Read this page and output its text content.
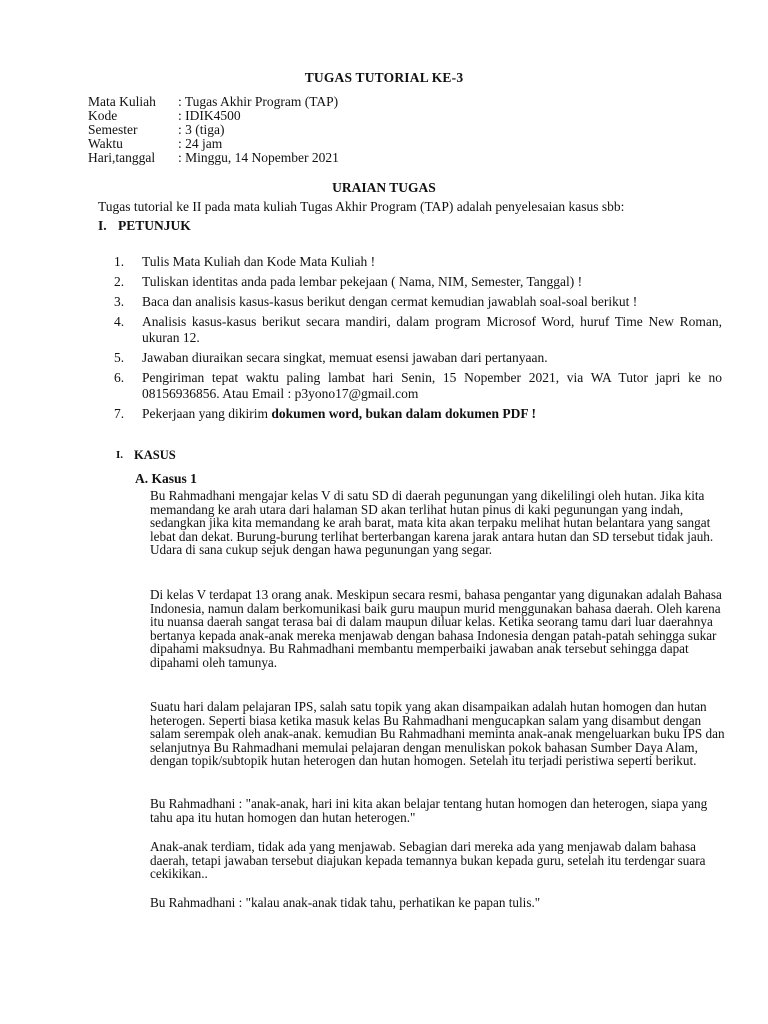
TUGAS TUTORIAL KE-3
Mata Kuliah	: Tugas Akhir Program (TAP)
Kode	: IDIK4500
Semester	: 3 (tiga)
Waktu	: 24 jam
Hari,tanggal	: Minggu, 14 Nopember 2021
URAIAN TUGAS
Tugas tutorial ke II pada mata kuliah Tugas Akhir Program (TAP) adalah penyelesaian kasus sbb:
I. PETUNJUK
1.	Tulis Mata Kuliah dan Kode Mata Kuliah !
2.	Tuliskan identitas anda pada lembar pekejaan ( Nama, NIM, Semester, Tanggal) !
3.	Baca dan analisis kasus-kasus berikut dengan cermat kemudian jawablah soal-soal berikut !
4.	Analisis kasus-kasus berikut secara mandiri, dalam program Microsof Word, huruf Time New Roman, ukuran 12.
5.	Jawaban diuraikan secara singkat, memuat esensi jawaban dari pertanyaan.
6.	Pengiriman tepat waktu paling lambat hari Senin, 15 Nopember 2021, via WA Tutor japri ke no 08156936856. Atau Email : p3yono17@gmail.com
7.	Pekerjaan yang dikirim dokumen word, bukan dalam dokumen PDF !
I. KASUS
A. Kasus 1

Bu Rahmadhani mengajar kelas V di satu SD di daerah pegunungan yang dikelilingi oleh hutan. Jika kita memandang ke arah utara dari halaman SD akan terlihat hutan pinus di kaki pegunungan yang indah, sedangkan jika kita memandang ke arah barat, mata kita akan terpaku melihat hutan belantara yang sangat lebat dan dekat. Burung-burung terlihat berterbangan karena jarak antara hutan dan SD tersebut tidak jauh. Udara di sana cukup sejuk dengan hawa pegunungan yang segar.

Di kelas V terdapat 13 orang anak. Meskipun secara resmi, bahasa pengantar yang digunakan adalah Bahasa Indonesia, namun dalam berkomunikasi baik guru maupun murid menggunakan bahasa daerah. Oleh karena itu nuansa daerah sangat terasa bai di dalam maupun diluar kelas. Ketika seorang tamu dari luar daerahnya bertanya kepada anak-anak mereka menjawab dengan bahasa Indonesia dengan patah-patah sehingga sukar dipahami maksudnya. Bu Rahmadhani membantu memperbaiki jawaban anak tersebut sehingga dapat dipahami oleh tamunya.

Suatu hari dalam pelajaran IPS, salah satu topik yang akan disampaikan adalah hutan homogen dan hutan heterogen. Seperti biasa ketika masuk kelas Bu Rahmadhani mengucapkan salam yang disambut dengan salam serempak oleh anak-anak. kemudian Bu Rahmadhani meminta anak-anak mengeluarkan buku IPS dan selanjutnya Bu Rahmadhani memulai pelajaran dengan menuliskan pokok bahasan Sumber Daya Alam, dengan topik/subtopik hutan heterogen dan hutan homogen. Setelah itu terjadi peristiwa seperti berikut.

Bu Rahmadhani : "anak-anak, hari ini kita akan belajar tentang hutan homogen dan heterogen, siapa yang tahu apa itu hutan homogen dan hutan heterogen."

Anak-anak terdiam, tidak ada yang menjawab. Sebagian dari mereka ada yang menjawab dalam bahasa daerah, tetapi jawaban tersebut diajukan kepada temannya bukan kepada guru, setelah itu terdengar suara cekikikan..

Bu Rahmadhani : "kalau anak-anak tidak tahu, perhatikan ke papan tulis."
